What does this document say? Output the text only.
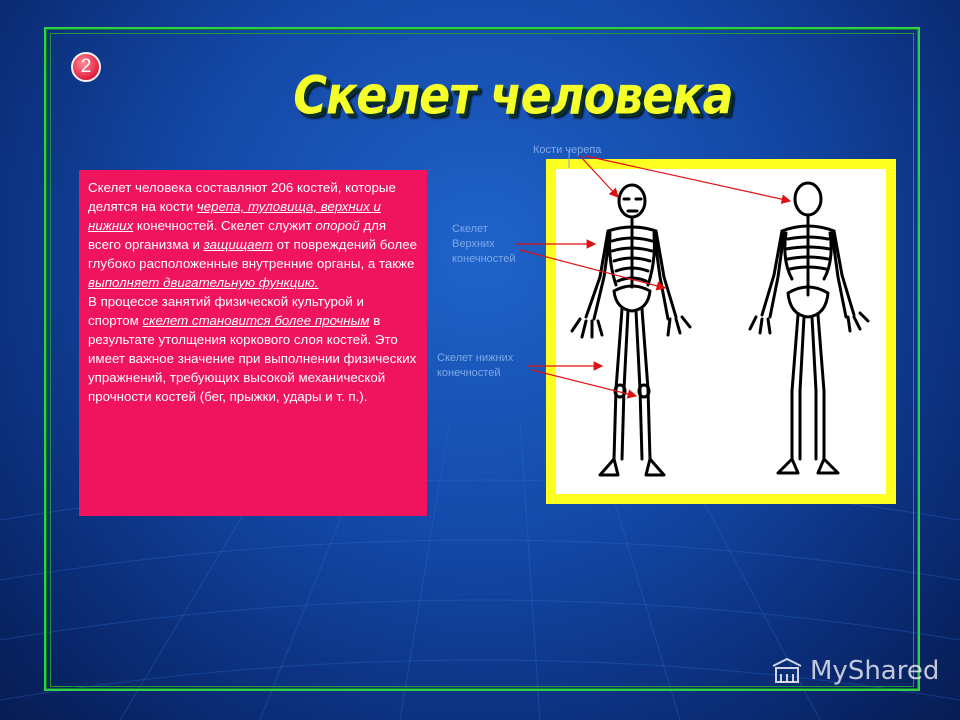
2	Скелет человека

Скелет человека составляют 206 костей, которые делятся на кости черепа, туловища, верхних и нижних конечностей. Скелет служит опорой для всего организма и защищает от повреждений более глубоко расположенные внутренние органы, а также выполняет двигательную функцию.

В процессе занятий физической культурой и спортом скелет становится более прочным в результате утолщения коркового слоя костей. Это имеет важное значение при выполнении физических упражнений, требующих высокой механической прочности костей (бег, прыжки, удары и т. п.).

Кости черепа
Скелет
Верхних
конечностей
Скелет нижних
конечностей
MyShared
